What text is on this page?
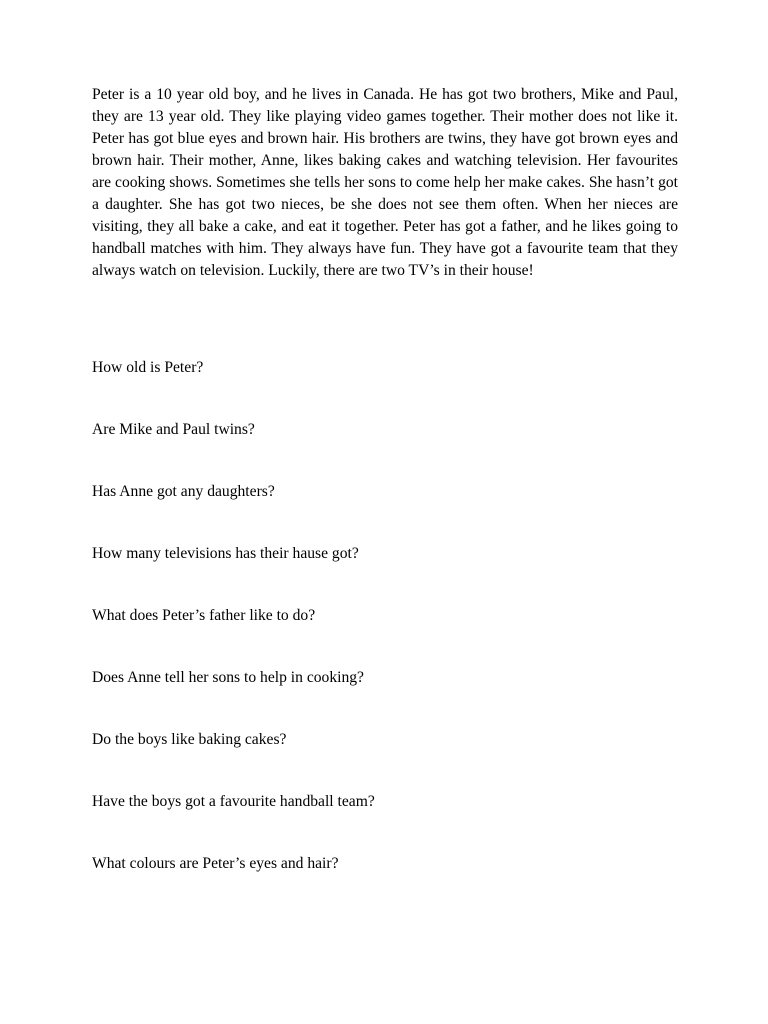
Peter is a 10 year old boy, and he lives in Canada. He has got two brothers, Mike and Paul, they are 13 year old. They like playing video games together. Their mother does not like it. Peter has got blue eyes and brown hair. His brothers are twins, they have got brown eyes and brown hair. Their mother, Anne, likes baking cakes and watching television. Her favourites are cooking shows. Sometimes she tells her sons to come help her make cakes. She hasn’t got a daughter. She has got two nieces, be she does not see them often. When her nieces are visiting, they all bake a cake, and eat it together. Peter has got a father, and he likes going to handball matches with him. They always have fun. They have got a favourite team that they always watch on television. Luckily, there are two TV’s in their house!

How old is Peter?
Are Mike and Paul twins?
Has Anne got any daughters?
How many televisions has their hause got?
What does Peter’s father like to do?
Does Anne tell her sons to help in cooking?
Do the boys like baking cakes?
Have the boys got a favourite handball team?
What colours are Peter’s eyes and hair?
